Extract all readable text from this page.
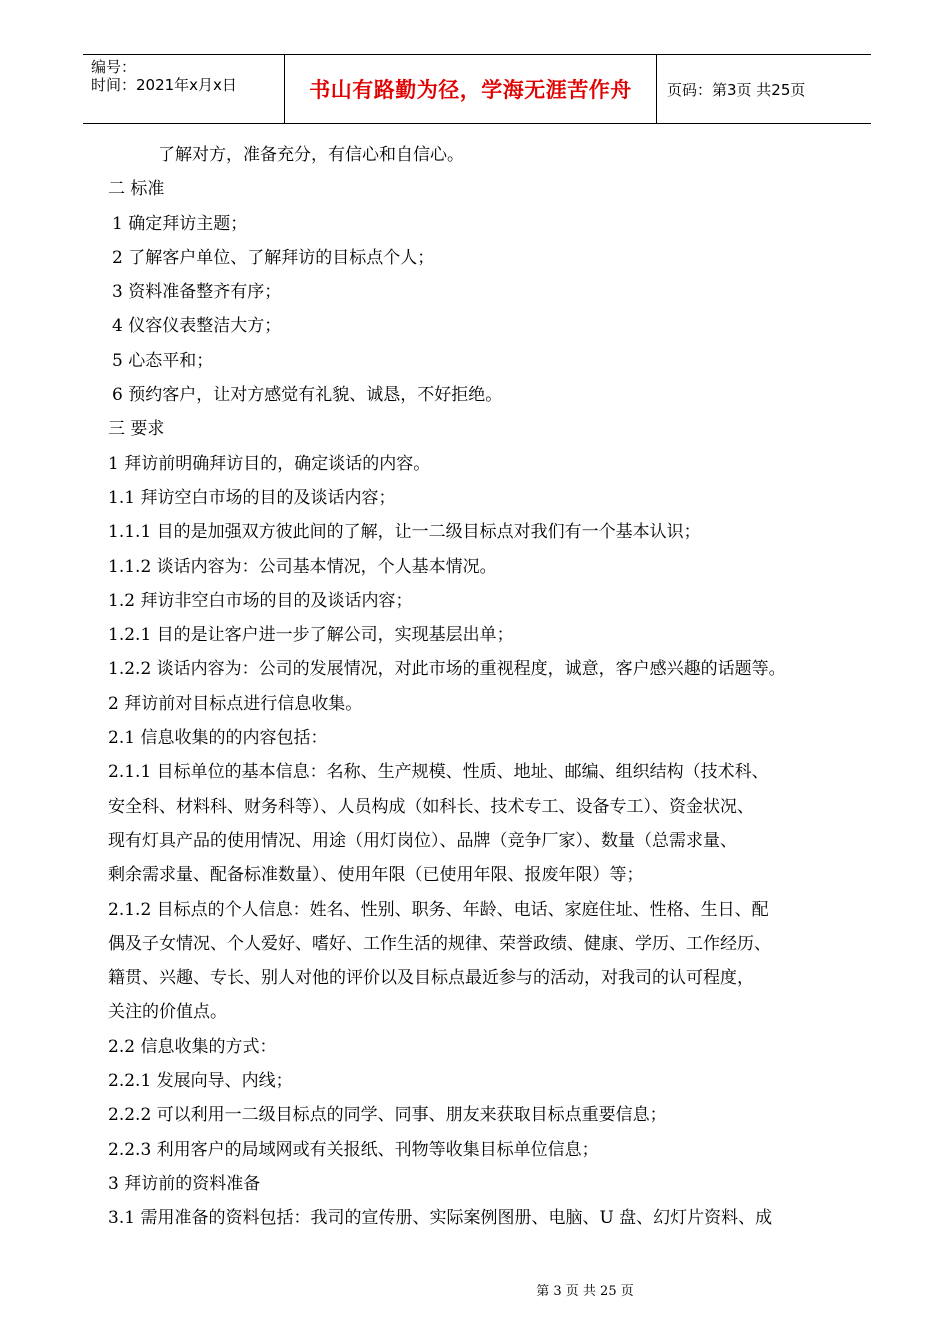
编号：
时间：2021年x月x日	书山有路勤为径，学海无涯苦作舟 页码：第3页 共25页
了解对方，准备充分，有信心和自信心。
二 标准
1 确定拜访主题；
2 了解客户单位、了解拜访的目标点个人；
3 资料准备整齐有序；
4 仪容仪表整洁大方；
5 心态平和；
6 预约客户，让对方感觉有礼貌、诚恳，不好拒绝。
三 要求
1 拜访前明确拜访目的，确定谈话的内容。
1.1 拜访空白市场的目的及谈话内容；
1.1.1 目的是加强双方彼此间的了解，让一二级目标点对我们有一个基本认识；
1.1.2 谈话内容为：公司基本情况，个人基本情况。
1.2 拜访非空白市场的目的及谈话内容；
1.2.1 目的是让客户进一步了解公司，实现基层出单；
1.2.2 谈话内容为：公司的发展情况，对此市场的重视程度，诚意，客户感兴趣的话题等。
2 拜访前对目标点进行信息收集。
2.1 信息收集的的内容包括：
2.1.1 目标单位的基本信息：名称、生产规模、性质、地址、邮编、组织结构（技术科、
安全科、材料科、财务科等）、人员构成（如科长、技术专工、设备专工）、资金状况、
现有灯具产品的使用情况、用途（用灯岗位）、品牌（竞争厂家）、数量（总需求量、
剩余需求量、配备标准数量）、使用年限（已使用年限、报废年限）等；
2.1.2 目标点的个人信息：姓名、性别、职务、年龄、电话、家庭住址、性格、生日、配
偶及子女情况、个人爱好、嗜好、工作生活的规律、荣誉政绩、健康、学历、工作经历、
籍贯、兴趣、专长、别人对他的评价以及目标点最近参与的活动，对我司的认可程度，
关注的价值点。
2.2 信息收集的方式：
2.2.1 发展向导、内线；
2.2.2 可以利用一二级目标点的同学、同事、朋友来获取目标点重要信息；
2.2.3 利用客户的局域网或有关报纸、刊物等收集目标单位信息；
3 拜访前的资料准备
3.1 需用准备的资料包括：我司的宣传册、实际案例图册、电脑、U 盘、幻灯片资料、成
第 3 页 共 25 页
